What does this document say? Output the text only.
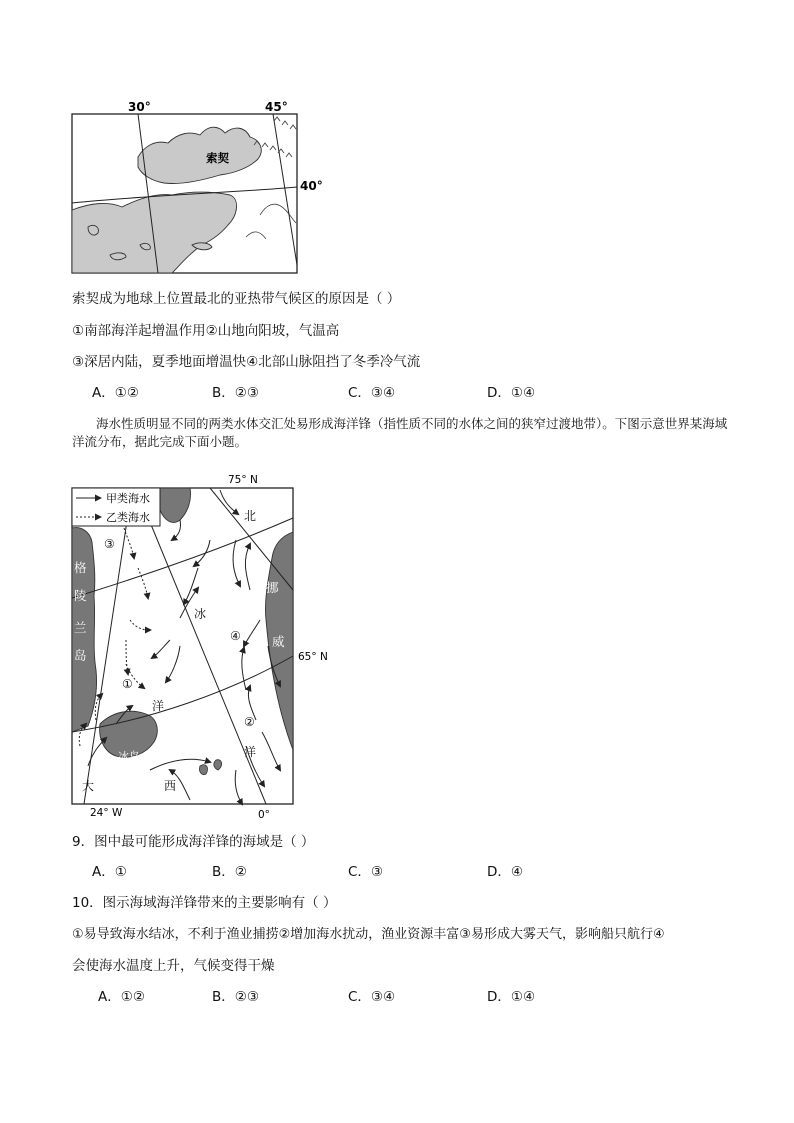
30°	45°
40°
索契
索契成为地球上位置最北的亚热带气候区的原因是（ ）
①南部海洋起增温作用②山地向阳坡，气温高
③深居内陆，夏季地面增温快④北部山脉阻挡了冬季冷气流
A．①②	B．②③	C．③④	D．①④
海水性质明显不同的两类水体交汇处易形成海洋锋（指性质不同的水体之间的狭窄过渡地带）。下图示意世界某海域洋流分布，据此完成下面小题。
甲类海水
乙类海水
75° N
65° N
24° W	0°
格
陵
兰
岛
挪
威
冰岛
北
冰
洋
洋
大	西
③
①
②
④
9．图中最可能形成海洋锋的海域是（ ）
A．①	B．②	C．③	D．④
10．图示海域海洋锋带来的主要影响有（ ）
①易导致海水结冰，不利于渔业捕捞②增加海水扰动，渔业资源丰富③易形成大雾天气，影响船只航行④
会使海水温度上升，气候变得干燥
A．①②	B．②③	C．③④	D．①④
